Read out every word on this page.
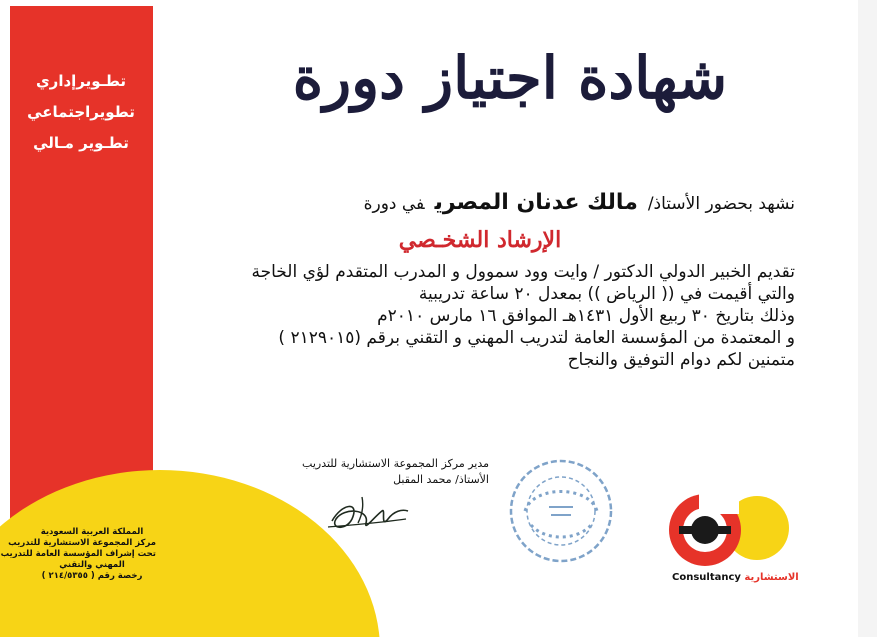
تطـويرإداري
تطويراجتماعي
تطـوير مـالي
شهادة اجتياز دورة
نشهد بحضور الأستاذ/مالك عدنان المصريفي دورة
الإرشاد الشخـصي
تقديم الخبير الدولي الدكتور / وايت وود سموول و المدرب المتقدم لؤي الخاجة
والتي أقيمت في (( الرياض )) بمعدل ٢٠ ساعة تدريبية
وذلك بتاريخ ٣٠ ربيع الأول ١٤٣١هـ الموافق ١٦ مارس ٢٠١٠م
و المعتمدة من المؤسسة العامة لتدريب المهني و التقني برقم (٢١٢٩٠١٥ )
متمنين لكم دوام التوفيق والنجاح
مدير مركز المجموعة الاستشارية للتدريب
الأستاذ/ محمد المقبل
Consultancy الاستشارية
المملكة العربية السعودية
مركز المجموعة الاستشارية للتدريب
تحت إشراف المؤسسة العامة للتدريب
المهني والتقني
رخصة رقم ( ٢١٤/٥٣٥٥ )
